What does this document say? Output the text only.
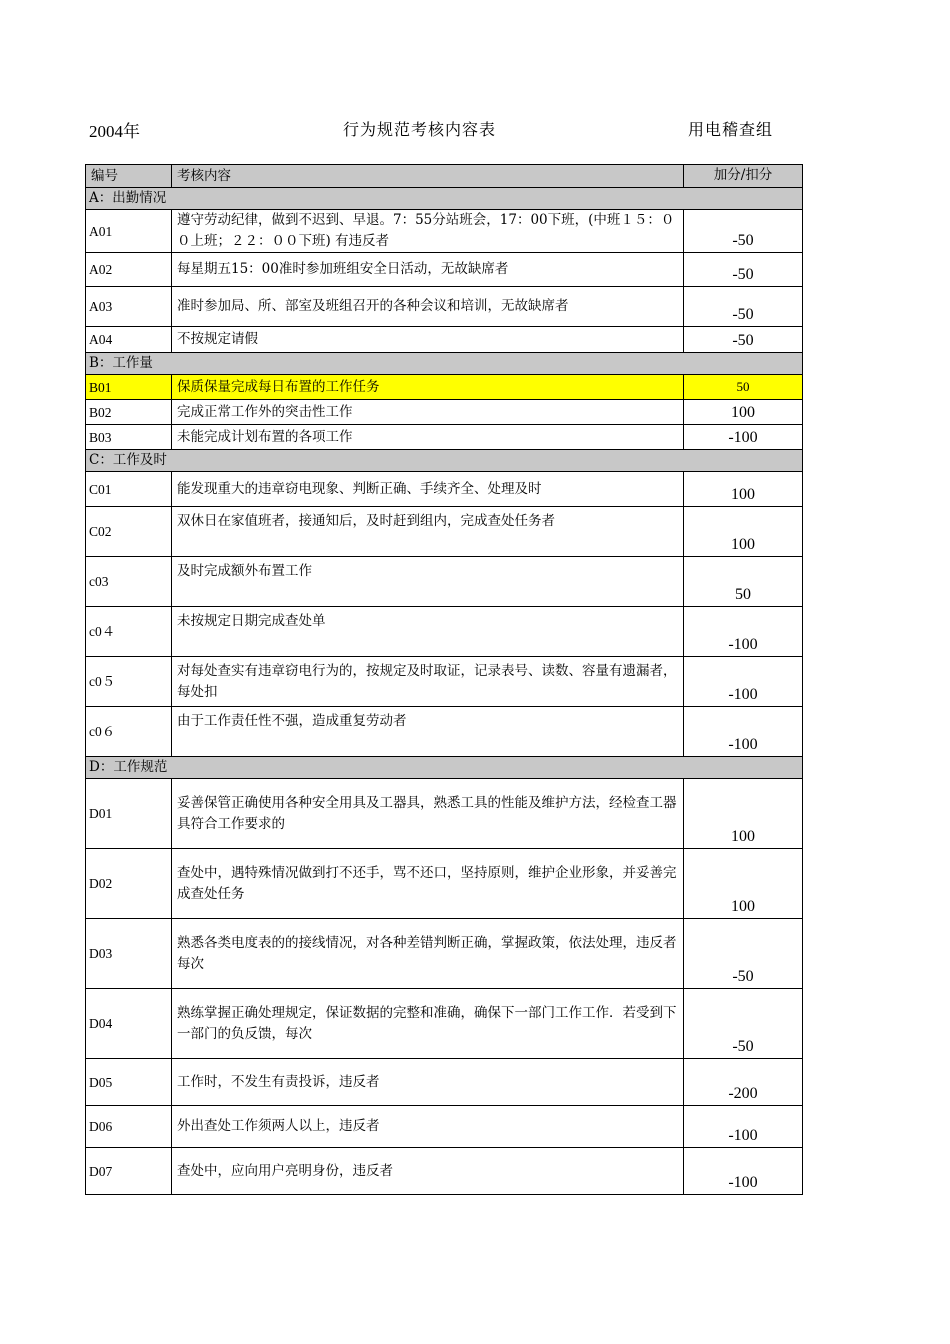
2004年	行为规范考核内容表	用电稽查组
编号	考核内容	加分/扣分
A：出勤情况		
A01	遵守劳动纪律，做到不迟到、早退。7：55分站班会，17：00下班，(中班１５：００上班；２２：００下班) 有违反者	-50
A02	每星期五15：00准时参加班组安全日活动，无故缺席者	-50
A03	准时参加局、所、部室及班组召开的各种会议和培训，无故缺席者	-50
A04	不按规定请假	-50
B：工作量		
B01	保质保量完成每日布置的工作任务	50
B02	完成正常工作外的突击性工作	100
B03	未能完成计划布置的各项工作	-100
C：工作及时		
C01	能发现重大的违章窃电现象、判断正确、手续齐全、处理及时	100
C02	双休日在家值班者，接通知后，及时赶到组内，完成查处任务者	100
c03	及时完成额外布置工作	50
c0４	未按规定日期完成查处单	-100
c0５	对每处查实有违章窃电行为的，按规定及时取证，记录表号、读数、容量有遗漏者，每处扣	-100
c0６	由于工作责任性不强，造成重复劳动者	-100
D：工作规范		
D01	妥善保管正确使用各种安全用具及工器具，熟悉工具的性能及维护方法，经检查工器具符合工作要求的	100
D02	查处中，遇特殊情况做到打不还手，骂不还口，坚持原则，维护企业形象，并妥善完成查处任务	100
D03	熟悉各类电度表的的接线情况，对各种差错判断正确，掌握政策，依法处理，违反者每次	-50
D04	熟练掌握正确处理规定，保证数据的完整和准确，确保下一部门工作工作．若受到下一部门的负反馈，每次	-50
D05	工作时，不发生有责投诉，违反者	-200
D06	外出查处工作须两人以上，违反者	-100
D07	查处中，应向用户亮明身份，违反者	-100
